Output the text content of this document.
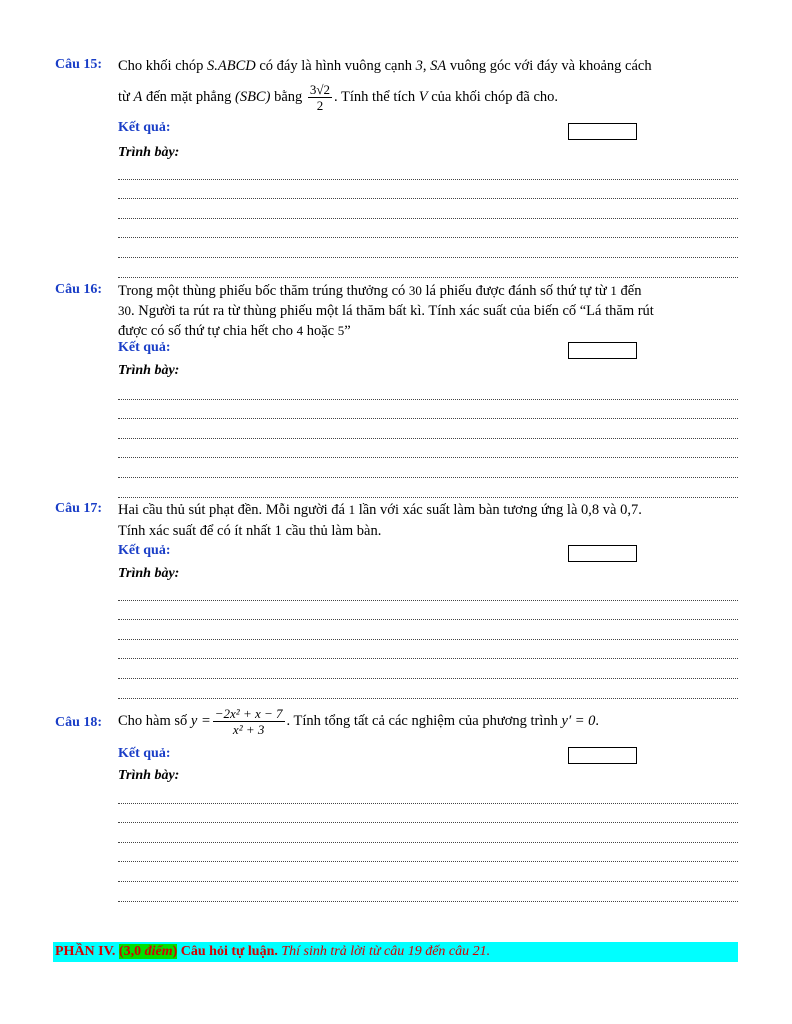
Câu 15: Cho khối chóp S.ABCD có đáy là hình vuông cạnh 3, SA vuông góc với đáy và khoảng cách
từ A đến mặt phẳng (SBC) bằng $\frac{3√2}{2}$ . Tính thể tích V của khối chóp đã cho.
Kết quả:
Trình bày:
Câu 16: Trong một thùng phiếu bốc thăm trúng thưởng có 30 lá phiếu được đánh số thứ tự từ 1 đến
30. Người ta rút ra từ thùng phiếu một lá thăm bất kì. Tính xác suất của biến cố “Lá thăm rút
được có số thứ tự chia hết cho 4 hoặc 5”
Kết quả:
Trình bày:
Câu 17: Hai cầu thủ sút phạt đền. Mỗi người đá 1 lần với xác suất làm bàn tương ứng là 0,8 và 0,7.
Tính xác suất để có ít nhất 1 cầu thủ làm bàn.
Kết quả:
Trình bày:
Câu 18: Cho hàm số $y = \frac{\text{−2x² + x − 7}}{\text{x² + 3}}$ . Tính tổng tất cả các nghiệm của phương trình y′ = 0.
Kết quả:
Trình bày:
PHẦN IV. (3,0 điểm) Câu hỏi tự luận. Thí sinh trả lời từ câu 19 đến câu 21.
